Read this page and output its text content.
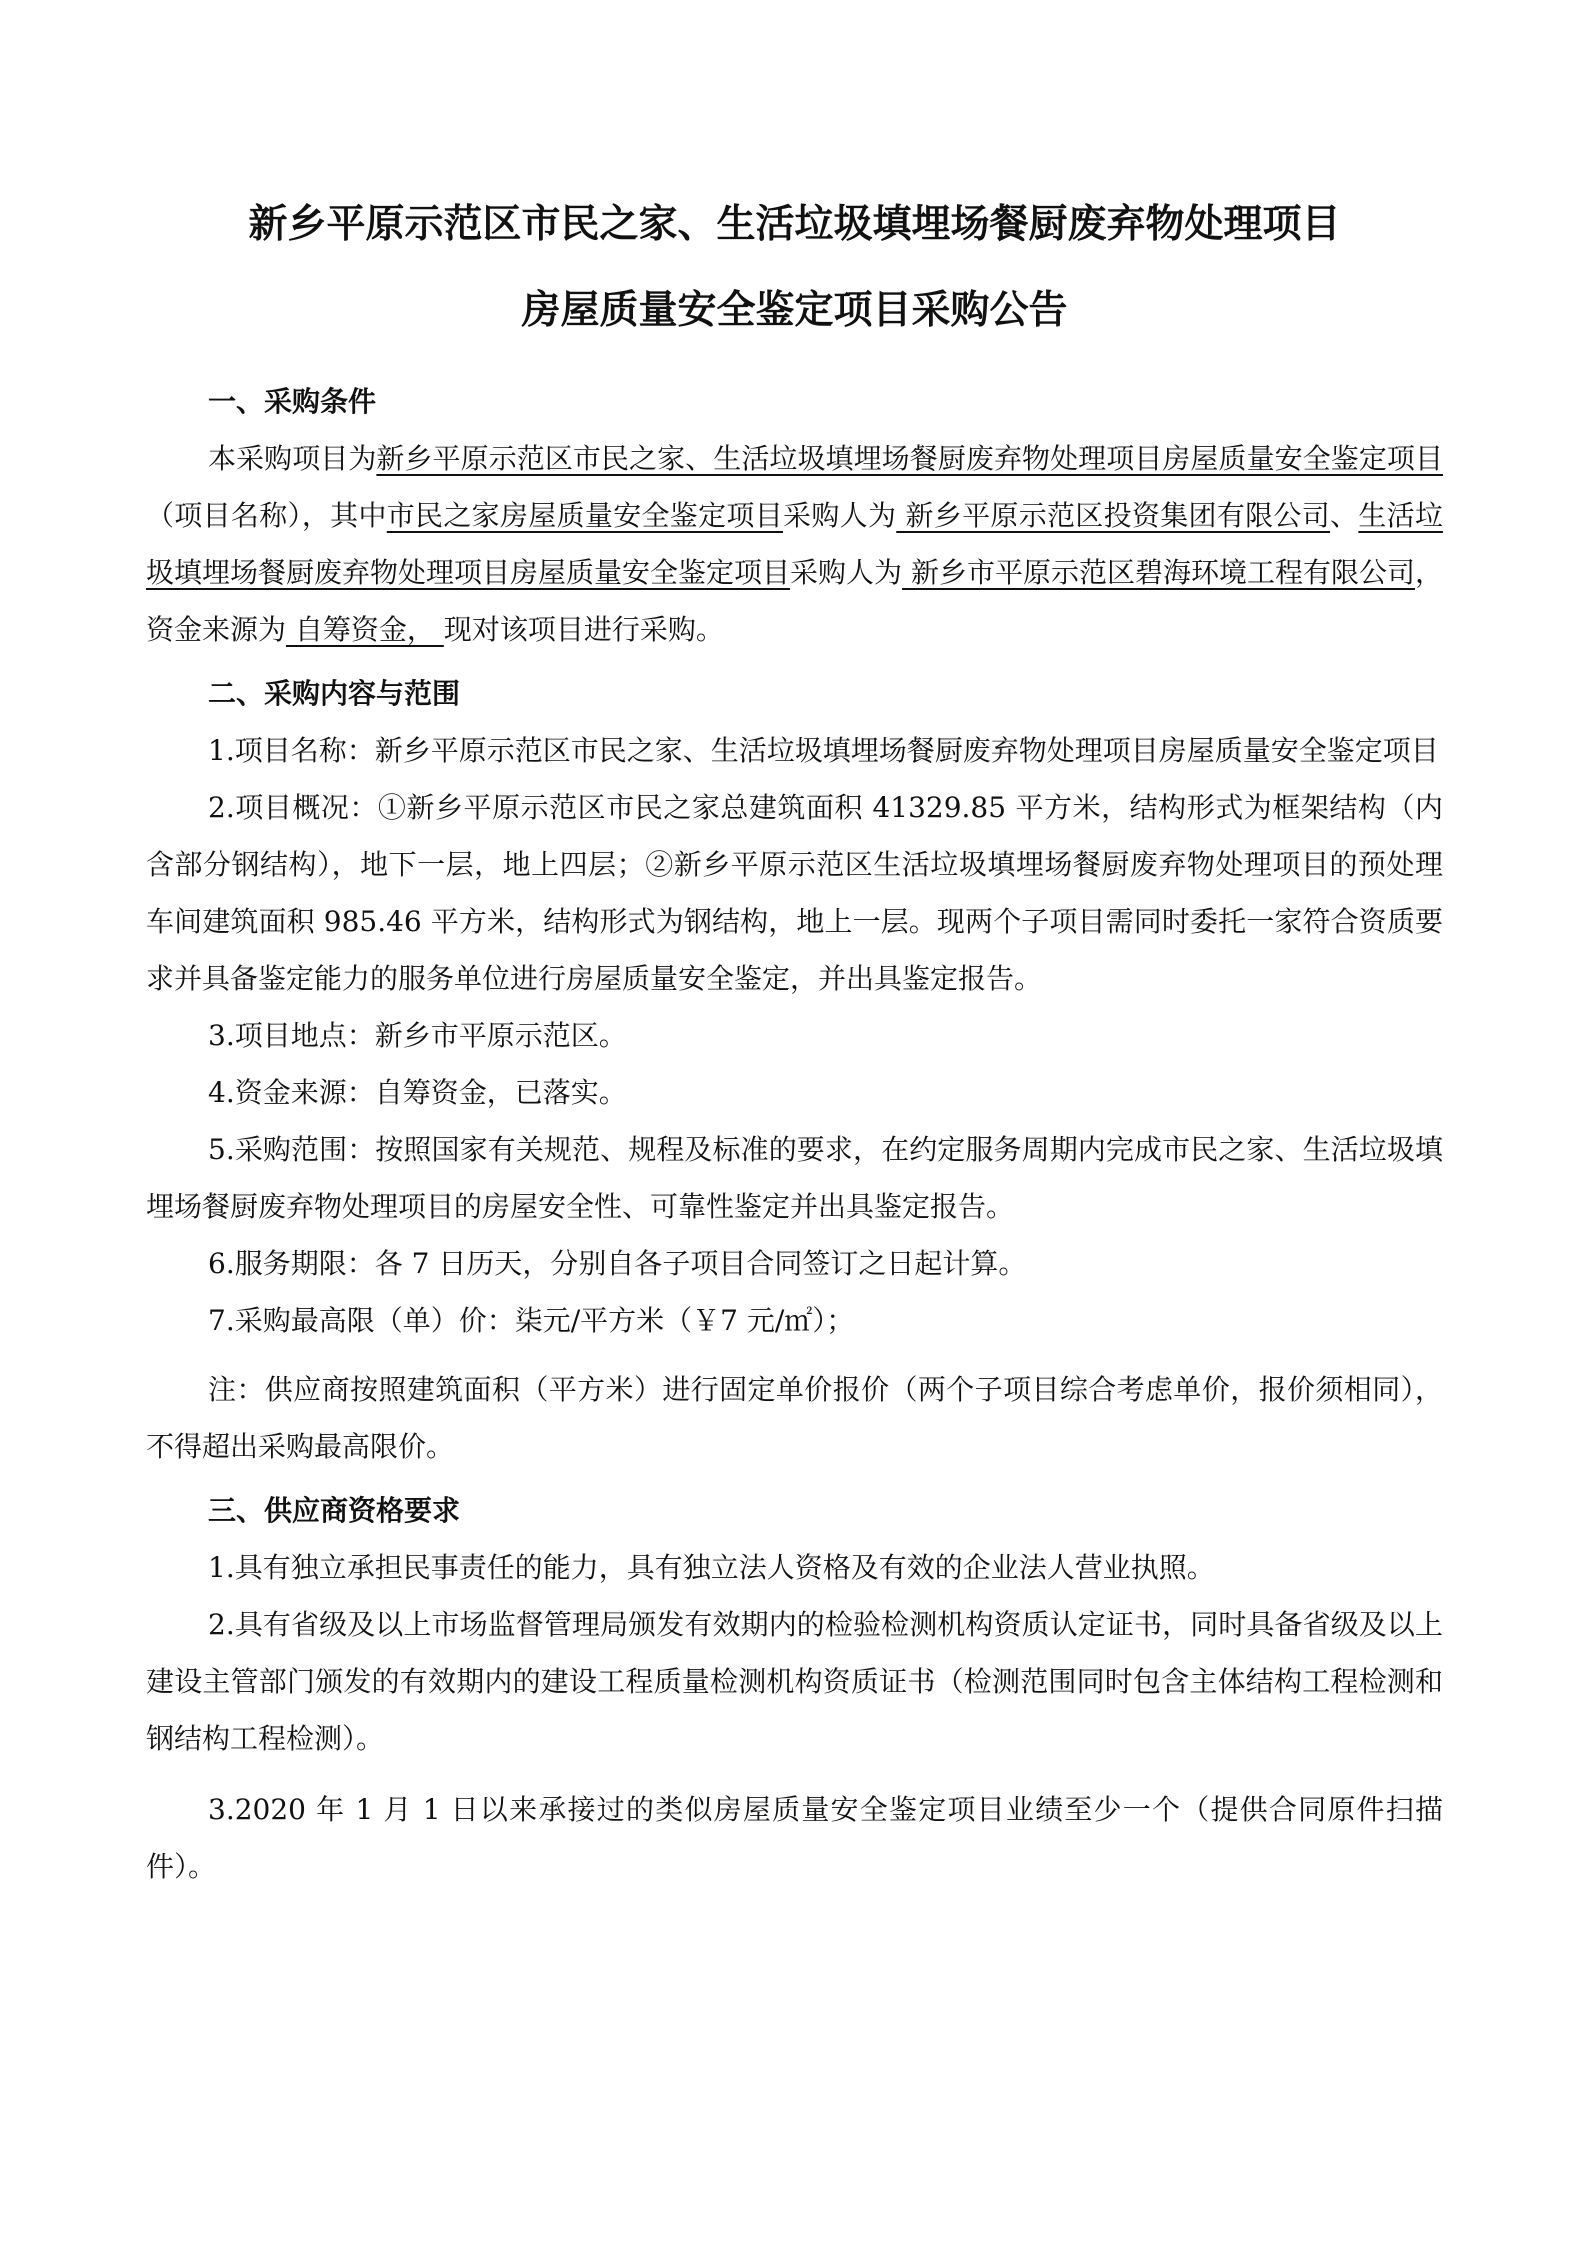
新乡平原示范区市民之家、生活垃圾填埋场餐厨废弃物处理项目
房屋质量安全鉴定项目采购公告
一、采购条件

本采购项目为新乡平原示范区市民之家、生活垃圾填埋场餐厨废弃物处理项目房屋质量安全鉴定项目（项目名称），其中市民之家房屋质量安全鉴定项目采购人为 新乡平原示范区投资集团有限公司、生活垃圾填埋场餐厨废弃物处理项目房屋质量安全鉴定项目采购人为 新乡市平原示范区碧海环境工程有限公司，资金来源为 自筹资金， 现对该项目进行采购。

二、采购内容与范围

1.项目名称：新乡平原示范区市民之家、生活垃圾填埋场餐厨废弃物处理项目房屋质量安全鉴定项目

2.项目概况：①新乡平原示范区市民之家总建筑面积 41329.85 平方米，结构形式为框架结构（内含部分钢结构），地下一层，地上四层；②新乡平原示范区生活垃圾填埋场餐厨废弃物处理项目的预处理车间建筑面积 985.46 平方米，结构形式为钢结构，地上一层。现两个子项目需同时委托一家符合资质要求并具备鉴定能力的服务单位进行房屋质量安全鉴定，并出具鉴定报告。

3.项目地点：新乡市平原示范区。

4.资金来源：自筹资金，已落实。

5.采购范围：按照国家有关规范、规程及标准的要求，在约定服务周期内完成市民之家、生活垃圾填埋场餐厨废弃物处理项目的房屋安全性、可靠性鉴定并出具鉴定报告。

6.服务期限：各 7 日历天，分别自各子项目合同签订之日起计算。

7.采购最高限（单）价：柒元/平方米（￥7 元/㎡）；

注：供应商按照建筑面积（平方米）进行固定单价报价（两个子项目综合考虑单价，报价须相同），不得超出采购最高限价。

三、供应商资格要求

1.具有独立承担民事责任的能力，具有独立法人资格及有效的企业法人营业执照。

2.具有省级及以上市场监督管理局颁发有效期内的检验检测机构资质认定证书，同时具备省级及以上建设主管部门颁发的有效期内的建设工程质量检测机构资质证书（检测范围同时包含主体结构工程检测和钢结构工程检测）。

3.2020 年 1 月 1 日以来承接过的类似房屋质量安全鉴定项目业绩至少一个（提供合同原件扫描件）。
